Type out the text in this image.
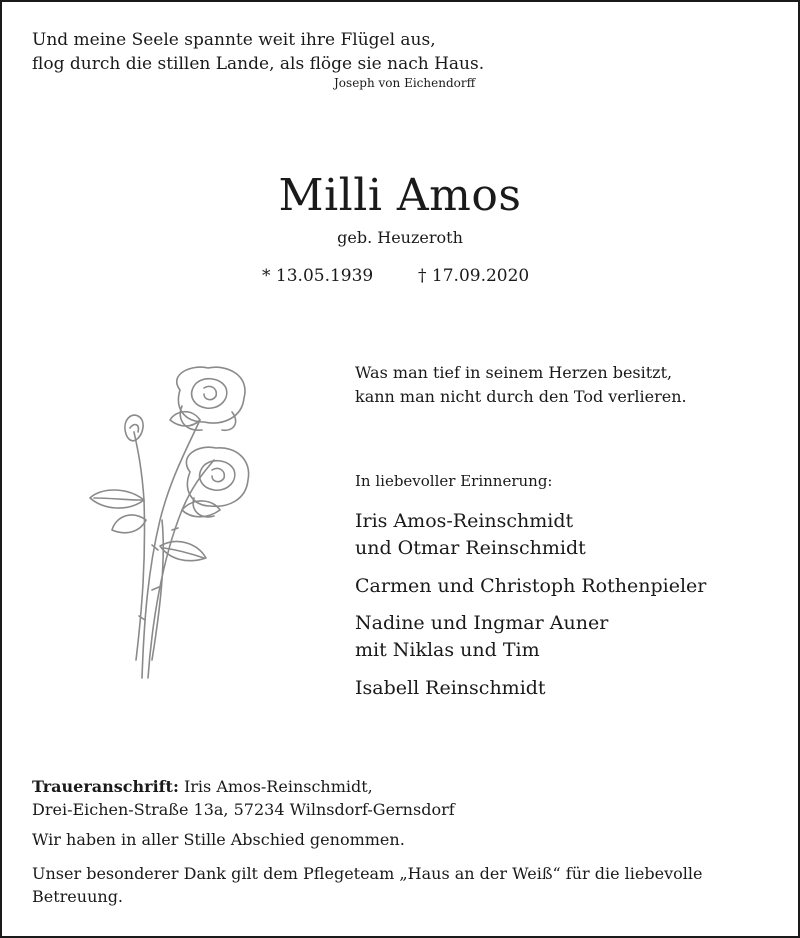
Und meine Seele spannte weit ihre Flügel aus,
flog durch die stillen Lande, als flöge sie nach Haus.
Joseph von Eichendorff
Milli Amos
geb. Heuzeroth
* 13.05.1939	† 17.09.2020
Was man tief in seinem Herzen besitzt,
kann man nicht durch den Tod verlieren.
In liebevoller Erinnerung:
Iris Amos-Reinschmidt
und Otmar Reinschmidt
Carmen und Christoph Rothenpieler
Nadine und Ingmar Auner
mit Niklas und Tim
Isabell Reinschmidt
Traueranschrift: Iris Amos-Reinschmidt,
Drei-Eichen-Straße 13a, 57234 Wilnsdorf-Gernsdorf
Wir haben in aller Stille Abschied genommen.
Unser besonderer Dank gilt dem Pflegeteam „Haus an der Weiß“ für die liebevolle Betreuung.
